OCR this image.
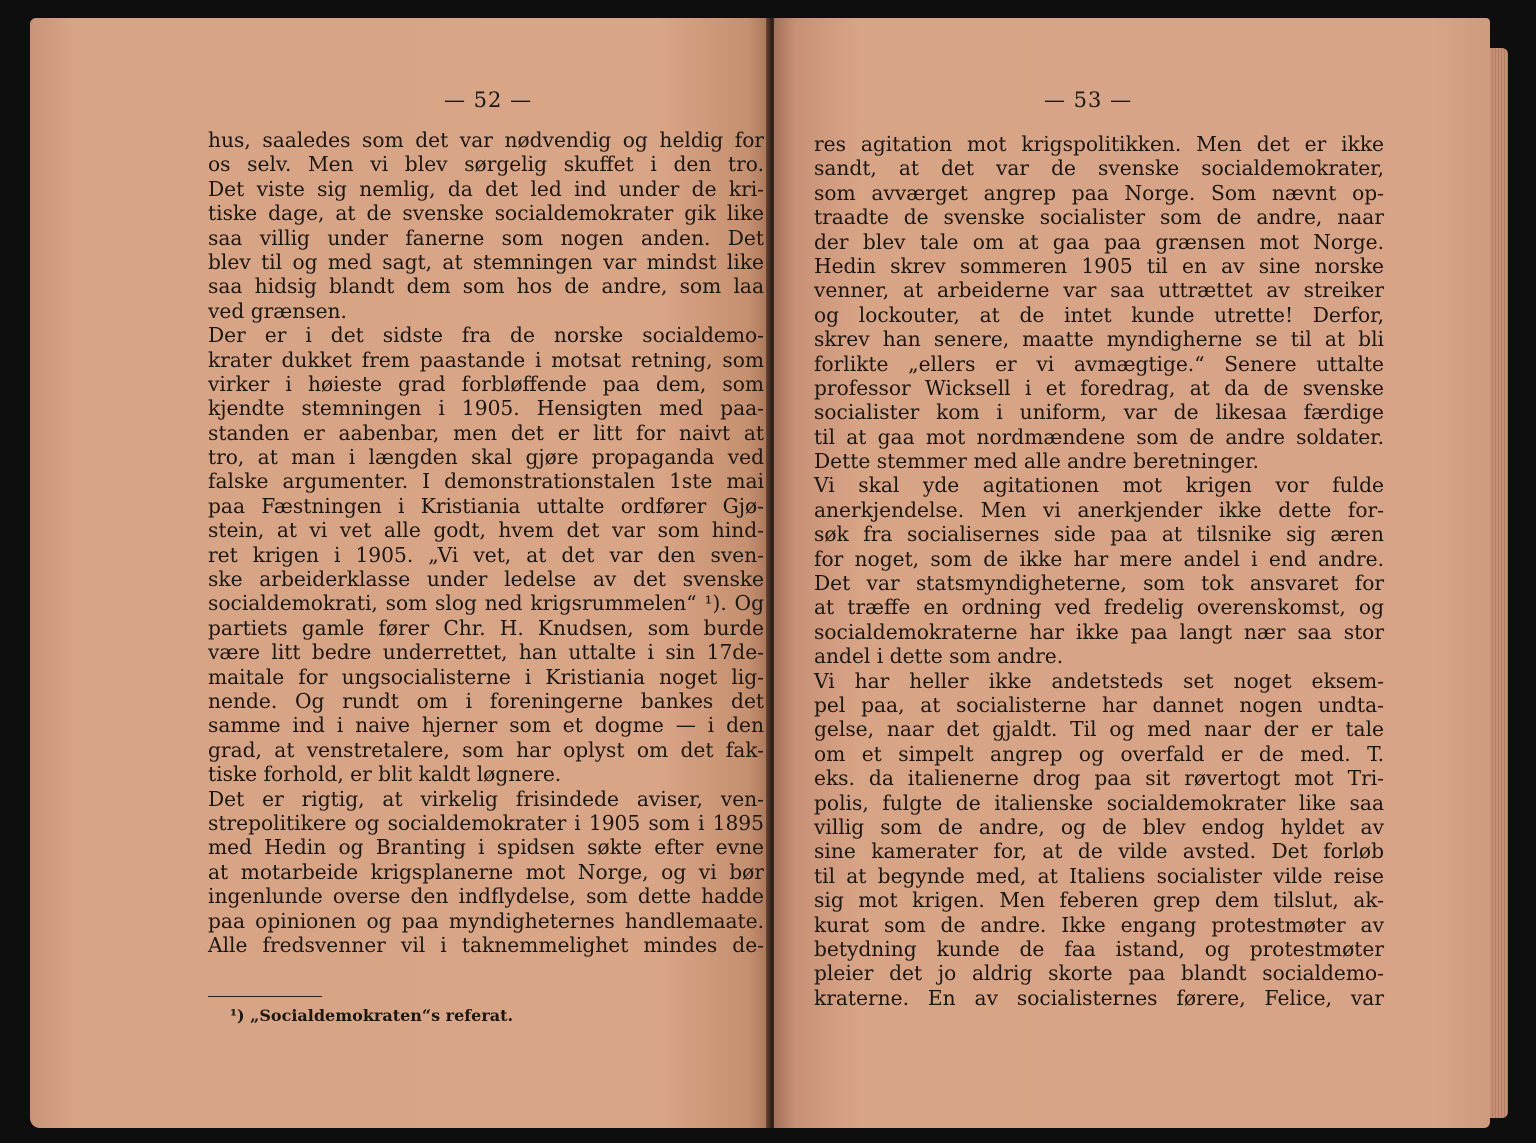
— 52 —
hus, saaledes som det var nødvendig og heldig for
os selv. Men vi blev sørgelig skuffet i den tro.
Det viste sig nemlig, da det led ind under de kri-
tiske dage, at de svenske socialdemokrater gik like
saa villig under fanerne som nogen anden. Det
blev til og med sagt, at stemningen var mindst like
saa hidsig blandt dem som hos de andre, som laa
ved grænsen.
Der er i det sidste fra de norske socialdemo-
krater dukket frem paastande i motsat retning, som
virker i høieste grad forbløffende paa dem, som
kjendte stemningen i 1905. Hensigten med paa-
standen er aabenbar, men det er litt for naivt at
tro, at man i længden skal gjøre propaganda ved
falske argumenter. I demonstrationstalen 1ste mai
paa Fæstningen i Kristiania uttalte ordfører Gjø-
stein, at vi vet alle godt, hvem det var som hind-
ret krigen i 1905. „Vi vet, at det var den sven-
ske arbeiderklasse under ledelse av det svenske
socialdemokrati, som slog ned krigsrummelen“ ¹). Og
partiets gamle fører Chr. H. Knudsen, som burde
være litt bedre underrettet, han uttalte i sin 17de-
maitale for ungsocialisterne i Kristiania noget lig-
nende. Og rundt om i foreningerne bankes det
samme ind i naive hjerner som et dogme — i den
grad, at venstretalere, som har oplyst om det fak-
tiske forhold, er blit kaldt løgnere.
Det er rigtig, at virkelig frisindede aviser, ven-
strepolitikere og socialdemokrater i 1905 som i 1895
med Hedin og Branting i spidsen søkte efter evne
at motarbeide krigsplanerne mot Norge, og vi bør
ingenlunde overse den indflydelse, som dette hadde
paa opinionen og paa myndigheternes handlemaate.
Alle fredsvenner vil i taknemmelighet mindes de-
¹) „Socialdemokraten“s referat.
— 53 —
res agitation mot krigspolitikken. Men det er ikke
sandt, at det var de svenske socialdemokrater,
som avværget angrep paa Norge. Som nævnt op-
traadte de svenske socialister som de andre, naar
der blev tale om at gaa paa grænsen mot Norge.
Hedin skrev sommeren 1905 til en av sine norske
venner, at arbeiderne var saa uttrættet av streiker
og lockouter, at de intet kunde utrette! Derfor,
skrev han senere, maatte myndigherne se til at bli
forlikte „ellers er vi avmægtige.“ Senere uttalte
professor Wicksell i et foredrag, at da de svenske
socialister kom i uniform, var de likesaa færdige
til at gaa mot nordmændene som de andre soldater.
Dette stemmer med alle andre beretninger.
Vi skal yde agitationen mot krigen vor fulde
anerkjendelse. Men vi anerkjender ikke dette for-
søk fra socialisernes side paa at tilsnike sig æren
for noget, som de ikke har mere andel i end andre.
Det var statsmyndigheterne, som tok ansvaret for
at træffe en ordning ved fredelig overenskomst, og
socialdemokraterne har ikke paa langt nær saa stor
andel i dette som andre.
Vi har heller ikke andetsteds set noget eksem-
pel paa, at socialisterne har dannet nogen undta-
gelse, naar det gjaldt. Til og med naar der er tale
om et simpelt angrep og overfald er de med. T.
eks. da italienerne drog paa sit røvertogt mot Tri-
polis, fulgte de italienske socialdemokrater like saa
villig som de andre, og de blev endog hyldet av
sine kamerater for, at de vilde avsted. Det forløb
til at begynde med, at Italiens socialister vilde reise
sig mot krigen. Men feberen grep dem tilslut, ak-
kurat som de andre. Ikke engang protestmøter av
betydning kunde de faa istand, og protestmøter
pleier det jo aldrig skorte paa blandt socialdemo-
kraterne. En av socialisternes førere, Felice, var
